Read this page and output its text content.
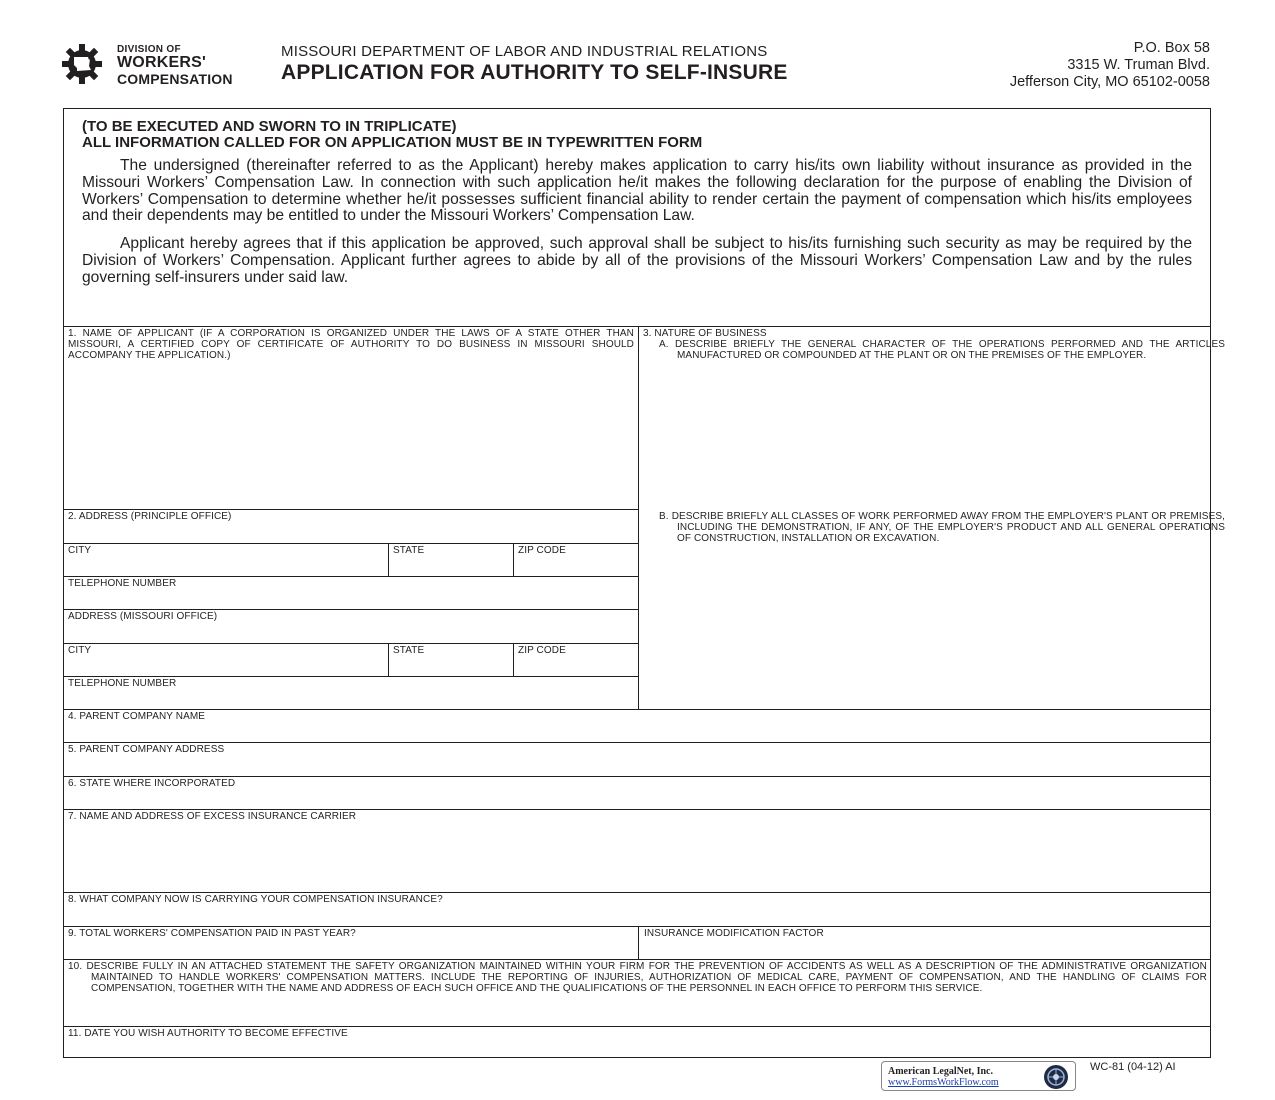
DIVISION OF
WORKERS'
COMPENSATION
MISSOURI DEPARTMENT OF LABOR AND INDUSTRIAL RELATIONS
APPLICATION FOR AUTHORITY TO SELF-INSURE
P.O. Box 58
3315 W. Truman Blvd.
Jefferson City, MO 65102-0058

(TO BE EXECUTED AND SWORN TO IN TRIPLICATE)

ALL INFORMATION CALLED FOR ON APPLICATION MUST BE IN TYPEWRITTEN FORM

The undersigned (thereinafter referred to as the Applicant) hereby makes application to carry his/its own liability without insurance as provided in the Missouri Workers’ Compensation Law. In connection with such application he/it makes the following declaration for the purpose of enabling the Division of Workers’ Compensation to determine whether he/it possesses sufficient financial ability to render certain the payment of compensation which his/its employees and their dependents may be entitled to under the Missouri Workers’ Compensation Law.

Applicant hereby agrees that if this application be approved, such approval shall be subject to his/its furnishing such security as may be required by the Division of Workers’ Compensation. Applicant further agrees to abide by all of the provisions of the Missouri Workers’ Compensation Law and by the rules governing self-insurers under said law.

1. NAME OF APPLICANT (IF A CORPORATION IS ORGANIZED UNDER THE LAWS OF A STATE OTHER THAN MISSOURI, A CERTIFIED COPY OF CERTIFICATE OF AUTHORITY TO DO BUSINESS IN MISSOURI SHOULD ACCOMPANY THE APPLICATION.)
3. NATURE OF BUSINESS
A. DESCRIBE BRIEFLY THE GENERAL CHARACTER OF THE OPERATIONS PERFORMED AND THE ARTICLES MANUFACTURED OR COMPOUNDED AT THE PLANT OR ON THE PREMISES OF THE EMPLOYER.
B. DESCRIBE BRIEFLY ALL CLASSES OF WORK PERFORMED AWAY FROM THE EMPLOYER'S PLANT OR PREMISES, INCLUDING THE DEMONSTRATION, IF ANY, OF THE EMPLOYER'S PRODUCT AND ALL GENERAL OPERATIONS OF CONSTRUCTION, INSTALLATION OR EXCAVATION.
2. ADDRESS (PRINCIPLE OFFICE)
CITY	STATE	ZIP CODE
TELEPHONE NUMBER
ADDRESS (MISSOURI OFFICE)
CITY	STATE	ZIP CODE
TELEPHONE NUMBER
4. PARENT COMPANY NAME
5. PARENT COMPANY ADDRESS
6. STATE WHERE INCORPORATED
7. NAME AND ADDRESS OF EXCESS INSURANCE CARRIER
8. WHAT COMPANY NOW IS CARRYING YOUR COMPENSATION INSURANCE?
9. TOTAL WORKERS' COMPENSATION PAID IN PAST YEAR?	INSURANCE MODIFICATION FACTOR
10. DESCRIBE FULLY IN AN ATTACHED STATEMENT THE SAFETY ORGANIZATION MAINTAINED WITHIN YOUR FIRM FOR THE PREVENTION OF ACCIDENTS AS WELL AS A DESCRIPTION OF THE ADMINISTRATIVE ORGANIZATION MAINTAINED TO HANDLE WORKERS' COMPENSATION MATTERS. INCLUDE THE REPORTING OF INJURIES, AUTHORIZATION OF MEDICAL CARE, PAYMENT OF COMPENSATION, AND THE HANDLING OF CLAIMS FOR COMPENSATION, TOGETHER WITH THE NAME AND ADDRESS OF EACH SUCH OFFICE AND THE QUALIFICATIONS OF THE PERSONNEL IN EACH OFFICE TO PERFORM THIS SERVICE.
11. DATE YOU WISH AUTHORITY TO BECOME EFFECTIVE
American LegalNet, Inc.
www.FormsWorkFlow.com
WC-81 (04-12) AI
